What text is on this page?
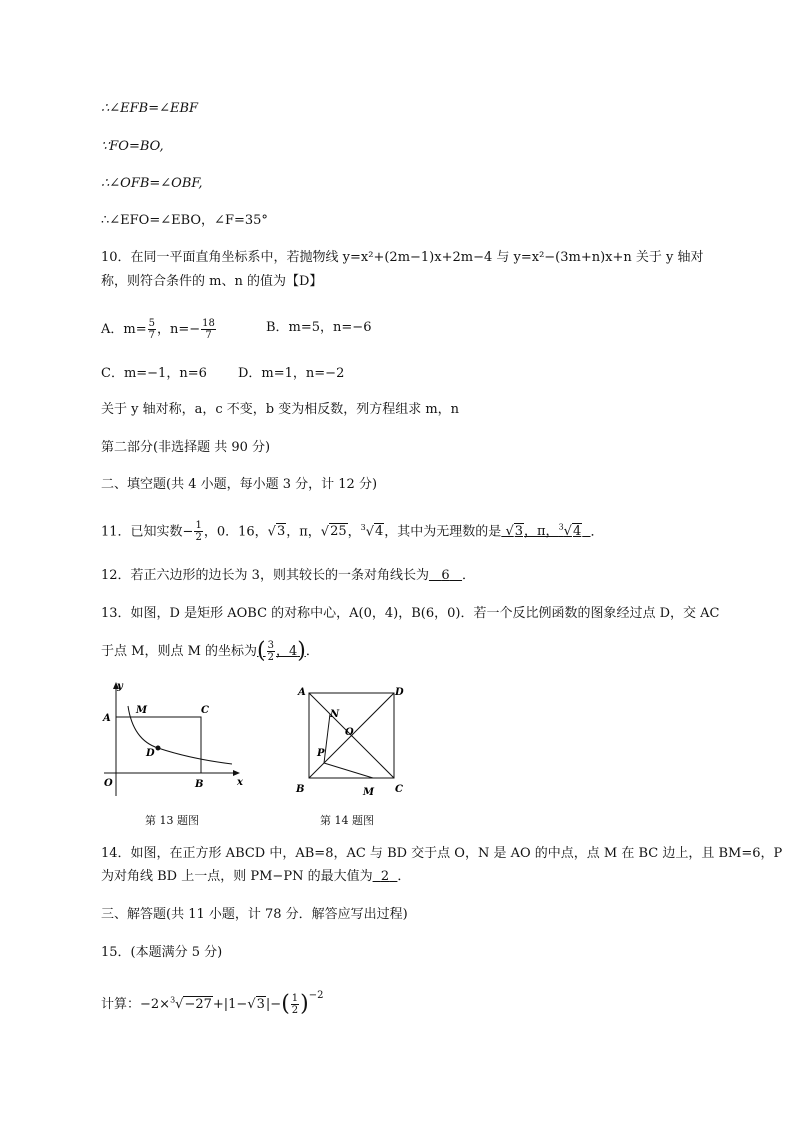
∴∠EFB=∠EBF
∵FO=BO,
∴∠OFB=∠OBF,
∴∠EFO=∠EBO，∠F=35°
10．在同一平面直角坐标系中，若抛物线 y=x²+(2m−1)x+2m−4 与 y=x²−(3m+n)x+n 关于 y 轴对
称，则符合条件的 m、n 的值为【D】
A．$m= \frac{5}{7}$ ，$n=- \frac{18}{7}$	B．m=5，n=−6
C．m=−1，n=6 D．m=1，n=−2
关于 y 轴对称，a，c 不变，b 变为相反数，列方程组求 m，n
第二部分(非选择题 共 90 分)
二、填空题(共 4 小题，每小题 3 分，计 12 分)
11．已知实数− $\frac{1}{2}$ ，0．16，√3，π，√25，$^3$√4，其中为无理数的是 √3，π，$^3$√4 ．
12．若正六边形的边长为 3，则其较长的一条对角线长为 6 ．
13．如图，D 是矩形 AOBC 的对称中心，A(0，4)，B(6，0)．若一个反比例函数的图象经过点 D，交 AC
于点 M，则点 M 的坐标为( $\frac{3}{2}$ ，4)．
y
x
A
M	C
D
O	B
第 13 题图
A	D
N
O
P
B	M C
第 14 题图
14．如图，在正方形 ABCD 中，AB=8，AC 与 BD 交于点 O，N 是 AO 的中点，点 M 在 BC 边上，且 BM=6，P
为对角线 BD 上一点，则 PM−PN 的最大值为 2 ．
三、解答题(共 11 小题，计 78 分．解答应写出过程)
15．(本题满分 5 分)
计算：$-2\times^3√-27+|1-√3|-( \frac{1}{2} )^{-2}$
